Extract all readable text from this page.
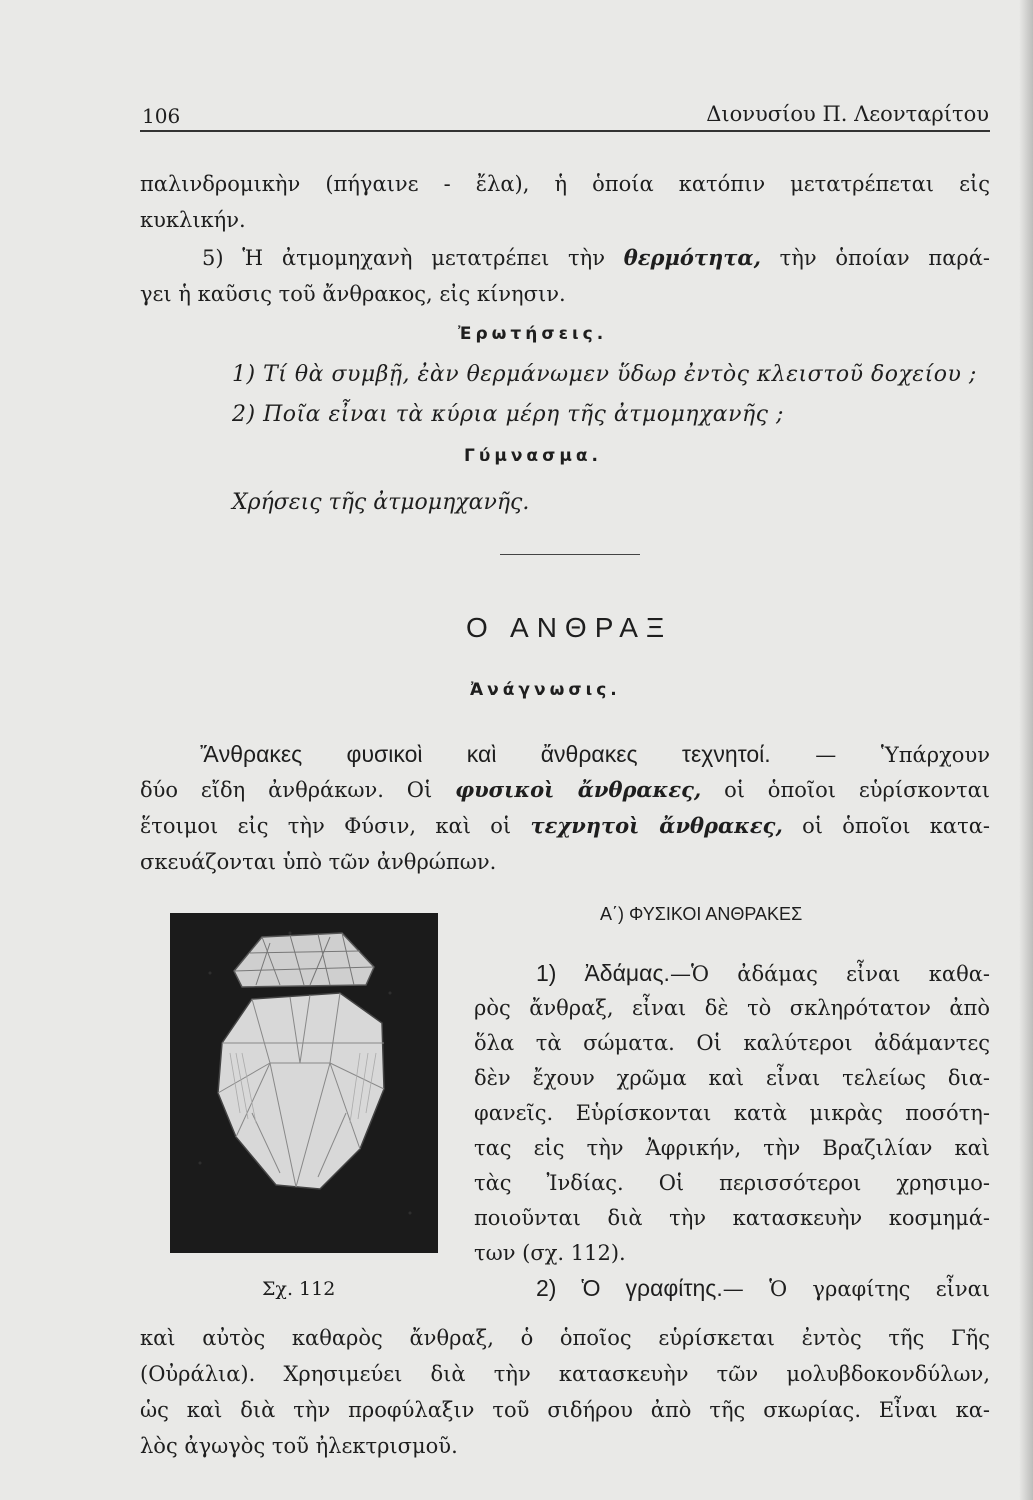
106	Διονυσίου Π. Λεονταρίτου
παλινδρομικὴν (πήγαινε - ἔλα), ἡ ὁποία κατόπιν μετατρέπεται εἰς
κυκλικήν.
5) Ἡ ἀτμομηχανὴ μετατρέπει τὴν θερμότητα, τὴν ὁποίαν παρά-
γει ἡ καῦσις τοῦ ἄνθρακος, εἰς κίνησιν.
Ἐρωτήσεις.
1) Τί θὰ συμβῇ, ἐὰν θερμάνωμεν ὕδωρ ἐντὸς κλειστοῦ δοχείου ;
2) Ποῖα εἶναι τὰ κύρια μέρη τῆς ἀτμομηχανῆς ;
Γύμνασμα.
Χρήσεις τῆς ἀτμομηχανῆς.
Ο ΑΝΘΡΑΞ
Ἀνάγνωσις.
Ἄνθρακες φυσικοὶ καὶ ἄνθρακες τεχνητοί. — Ὑπάρχουν
δύο εἴδη ἀνθράκων. Οἱ φυσικοὶ ἄνθρακες, οἱ ὁποῖοι εὑρίσκονται
ἕτοιμοι εἰς τὴν Φύσιν, καὶ οἱ τεχνητοὶ ἄνθρακες, οἱ ὁποῖοι κατα-
σκευάζονται ὑπὸ τῶν ἀνθρώπων.
Α΄) ΦΥΣΙΚΟΙ ΑΝΘΡΑΚΕΣ
Σχ. 112
1) Ἀδάμας.—Ὁ ἀδάμας εἶναι καθα-
ρὸς ἄνθραξ, εἶναι δὲ τὸ σκληρότατον ἀπὸ
ὅλα τὰ σώματα. Οἱ καλύτεροι ἀδάμαντες
δὲν ἔχουν χρῶμα καὶ εἶναι τελείως δια-
φανεῖς. Εὑρίσκονται κατὰ μικρὰς ποσότη-
τας εἰς τὴν Ἀφρικήν, τὴν Βραζιλίαν καὶ
τὰς Ἰνδίας. Οἱ περισσότεροι χρησιμο-
ποιοῦνται διὰ τὴν κατασκευὴν κοσμημά-
των (σχ. 112).
2) Ὁ γραφίτης.— Ὁ γραφίτης εἶναι
καὶ αὐτὸς καθαρὸς ἄνθραξ, ὁ ὁποῖος εὑρίσκεται ἐντὸς τῆς Γῆς
(Οὐράλια). Χρησιμεύει διὰ τὴν κατασκευὴν τῶν μολυβδοκονδύλων,
ὡς καὶ διὰ τὴν προφύλαξιν τοῦ σιδήρου ἀπὸ τῆς σκωρίας. Εἶναι κα-
λὸς ἀγωγὸς τοῦ ἠλεκτρισμοῦ.
